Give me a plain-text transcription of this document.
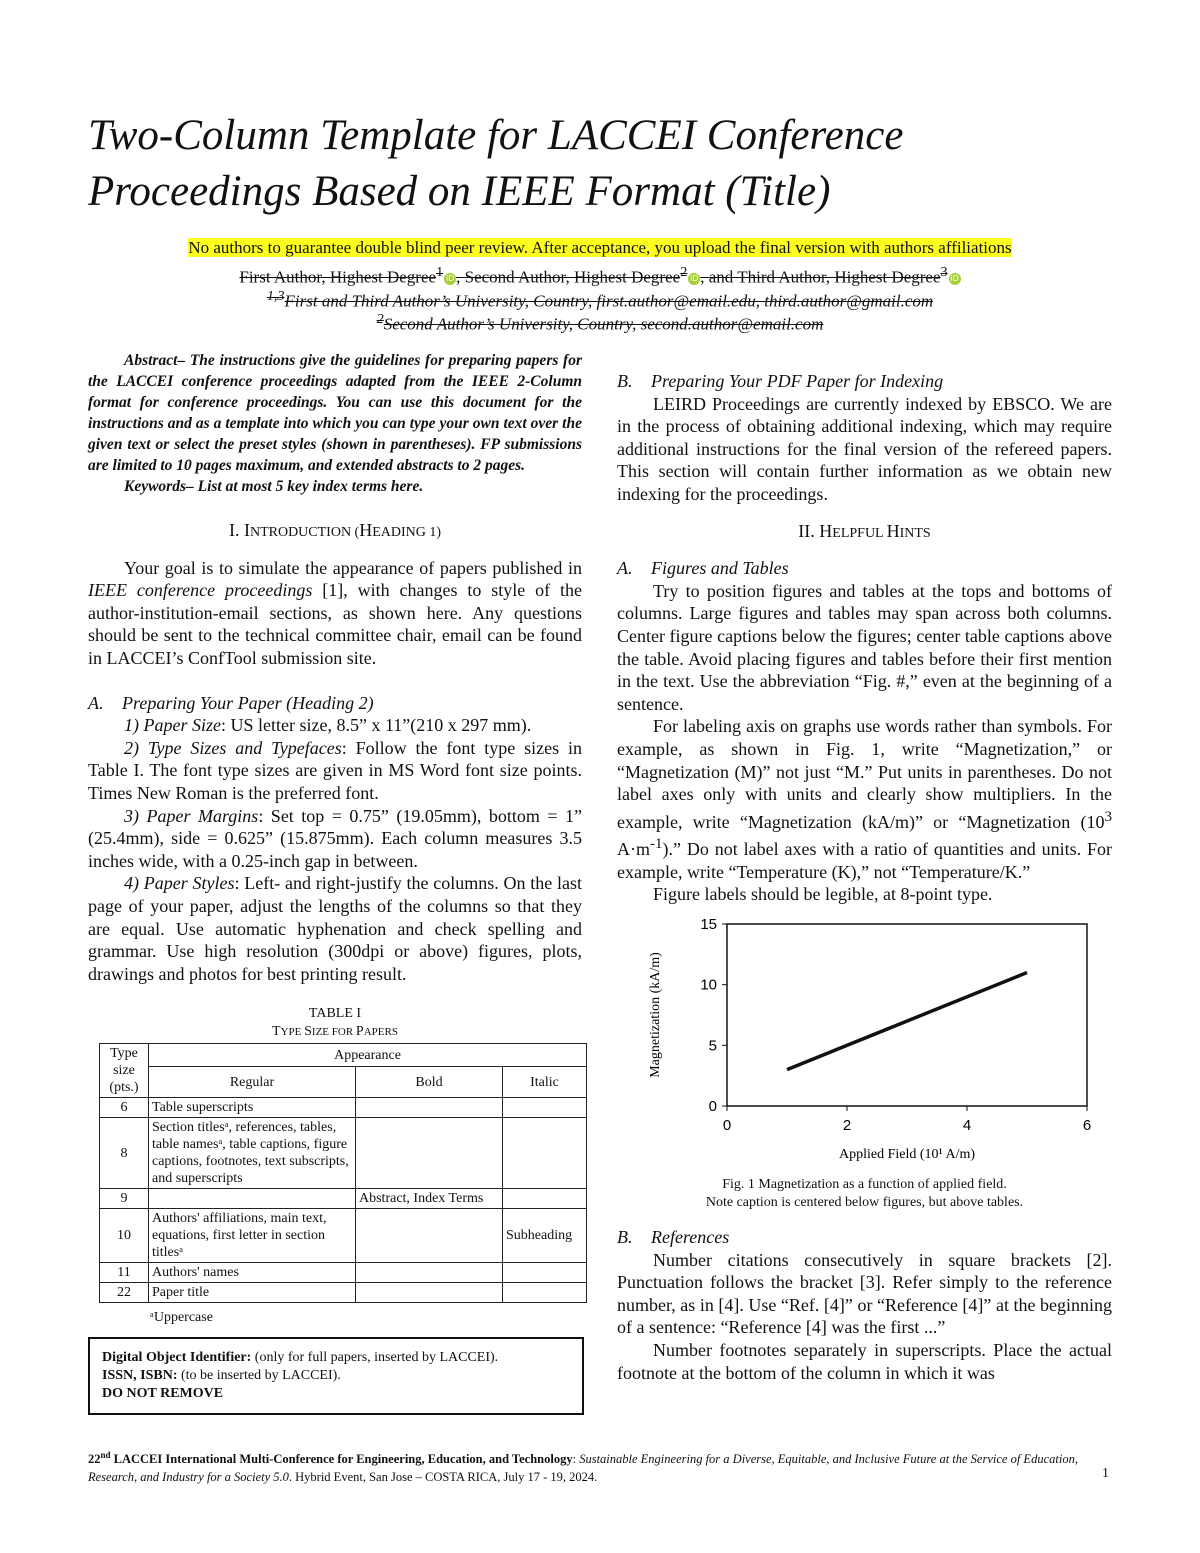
Two-Column Template for LACCEI Conference Proceedings Based on IEEE Format (Title)
No authors to guarantee double blind peer review. After acceptance, you upload the final version with authors affiliations
First Author, Highest Degree$^1$ iD , Second Author, Highest Degree$^2$ iD , and Third Author, Highest Degree$^3$ iD
$^{1,3}$First and Third Author’s University, Country, first.author@email.edu, third.author@gmail.com
$^2$Second Author’s University, Country, second.author@email.com

Abstract– The instructions give the guidelines for preparing papers for the LACCEI conference proceedings adapted from the IEEE 2-Column format for conference proceedings. You can use this document for the instructions and as a template into which you can type your own text over the given text or select the preset styles (shown in parentheses). FP submissions are limited to 10 pages maximum, and extended abstracts to 2 pages.

Keywords– List at most 5 key index terms here.

I. INTRODUCTION (HEADING 1)

Your goal is to simulate the appearance of papers published in IEEE conference proceedings [1], with changes to style of the author-institution-email sections, as shown here. Any questions should be sent to the technical committee chair, email can be found in LACCEI’s ConfTool submission site.

A. Preparing Your Paper (Heading 2)

1) Paper Size: US letter size, 8.5” x 11”(210 x 297 mm).

2) Type Sizes and Typefaces: Follow the font type sizes in Table I. The font type sizes are given in MS Word font size points. Times New Roman is the preferred font.

3) Paper Margins: Set top = 0.75” (19.05mm), bottom = 1” (25.4mm), side = 0.625” (15.875mm). Each column measures 3.5 inches wide, with a 0.25-inch gap in between.

4) Paper Styles: Left- and right-justify the columns. On the last page of your paper, adjust the lengths of the columns so that they are equal. Use automatic hyphenation and check spelling and grammar. Use high resolution (300dpi or above) figures, plots, drawings and photos for best printing result.

TABLE I
TYPE SIZE FOR PAPERS
Type size (pts.)	Appearance		
	Regular	Bold	Italic
6	Table superscripts		
8	Section titlesᵃ, references, tables, table namesᵃ, table captions, figure captions, footnotes, text subscripts, and superscripts		
9		Abstract, Index Terms	
10	Authors' affiliations, main text, equations, first letter in section titlesᵃ		Subheading
11	Authors' names		
22	Paper title		

ᵃUppercase

Digital Object Identifier: (only for full papers, inserted by LACCEI).
ISSN, ISBN: (to be inserted by LACCEI).
DO NOT REMOVE

B. Preparing Your PDF Paper for Indexing

LEIRD Proceedings are currently indexed by EBSCO. We are in the process of obtaining additional indexing, which may require additional instructions for the final version of the refereed papers. This section will contain further information as we obtain new indexing for the proceedings.

II. HELPFUL HINTS

A. Figures and Tables

Try to position figures and tables at the tops and bottoms of columns. Large figures and tables may span across both columns. Center figure captions below the figures; center table captions above the table. Avoid placing figures and tables before their first mention in the text. Use the abbreviation “Fig. #,” even at the beginning of a sentence.

For labeling axis on graphs use words rather than symbols. For example, as shown in Fig. 1, write “Magnetization,” or “Magnetization (M)” not just “M.” Put units in parentheses. Do not label axes only with units and clearly show multipliers. In the example, write “Magnetization (kA/m)” or “Magnetization ($10^3$ $A\cdot m^{-1}$).” Do not label axes with a ratio of quantities and units. For example, write “Temperature (K),” not “Temperature/K.”

Figure labels should be legible, at 8-point type.

0	2	4	6
0
5
10
15
Applied Field (10¹ A/m)
Magnetization (kA/m)

Fig. 1 Magnetization as a function of applied field.

Note caption is centered below figures, but above tables.

B. References

Number citations consecutively in square brackets [2]. Punctuation follows the bracket [3]. Refer simply to the reference number, as in [4]. Use “Ref. [4]” or “Reference [4]” at the beginning of a sentence: “Reference [4] was the first ...”

Number footnotes separately in superscripts. Place the actual footnote at the bottom of the column in which it was

22nd LACCEI International Multi-Conference for Engineering, Education, and Technology: Sustainable Engineering for a Diverse, Equitable, and Inclusive Future at the Service of Education, Research, and Industry for a Society 5.0. Hybrid Event, San Jose – COSTA RICA, July 17 - 19, 2024.	1
